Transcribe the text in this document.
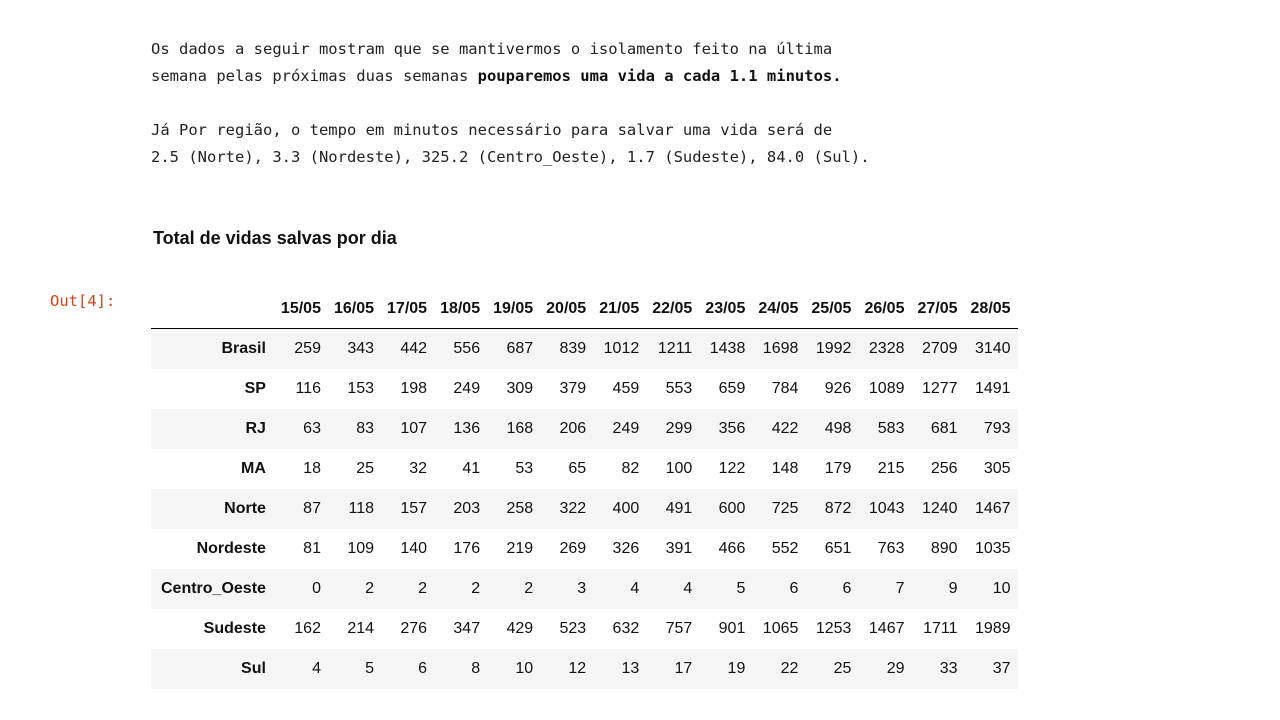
Os dados a seguir mostram que se mantivermos o isolamento feito na última

semana pelas próximas duas semanas pouparemos uma vida a cada 1.1 minutos.

Já Por região, o tempo em minutos necessário para salvar uma vida será de

2.5 (Norte), 3.3 (Nordeste), 325.2 (Centro_Oeste), 1.7 (Sudeste), 84.0 (Sul).

Total de vidas salvas por dia
Out[4]:
		15/05	16/05	17/05	18/05	19/05	20/05	21/05	22/05	23/05	24/05	25/05	26/05	27/05	28/05
Brasil	259	343	442	556	687	839	1012	1211	1438	1698	1992	2328	2709	3140
SP	116	153	198	249	309	379	459	553	659	784	926	1089	1277	1491
RJ	63	83	107	136	168	206	249	299	356	422	498	583	681	793
MA	18	25	32	41	53	65	82	100	122	148	179	215	256	305
Norte	87	118	157	203	258	322	400	491	600	725	872	1043	1240	1467
Nordeste	81	109	140	176	219	269	326	391	466	552	651	763	890	1035
Centro_Oeste	0	2	2	2	2	3	4	4	5	6	6	7	9	10
Sudeste	162	214	276	347	429	523	632	757	901	1065	1253	1467	1711	1989
Sul	4	5	6	8	10	12	13	17	19	22	25	29	33	37
